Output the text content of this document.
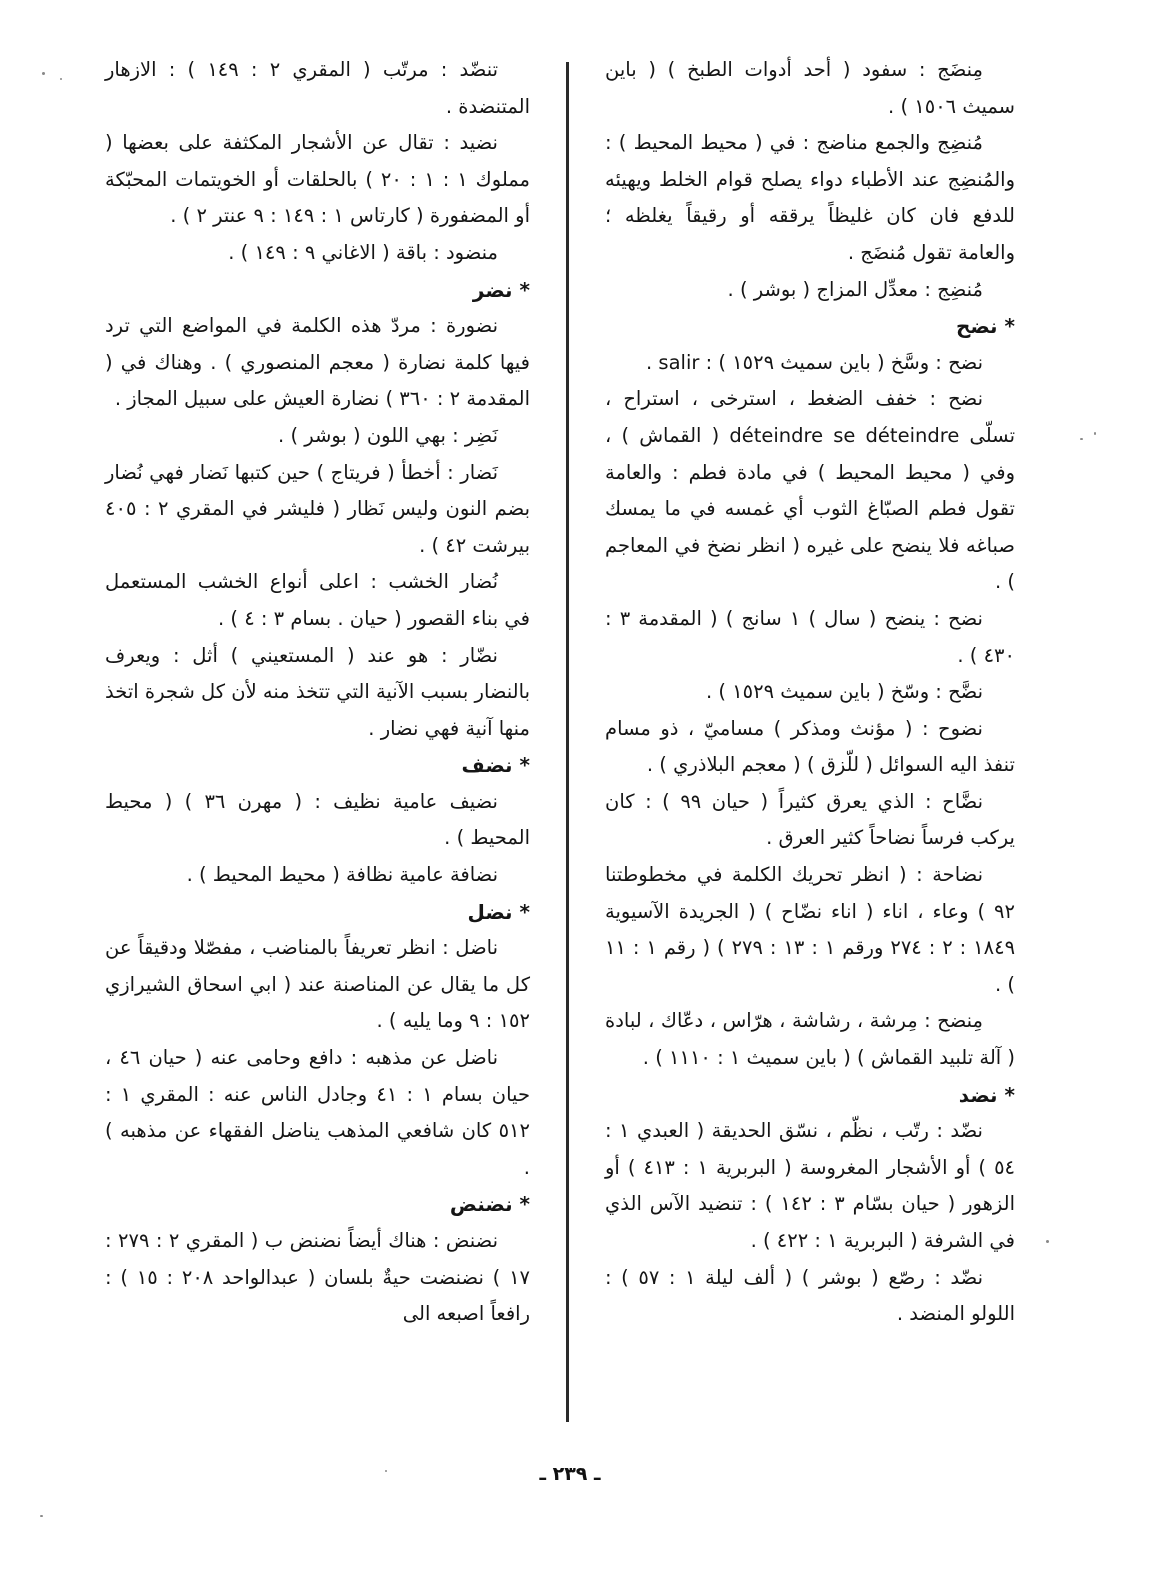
مِنضَج : سفود ( أحد أدوات الطبخ ) ( باين سميث ١٥٠٦ ) .

مُنضِج والجمع مناضج : في ( محيط المحيط ) : والمُنضِج عند الأطباء دواء يصلح قوام الخلط ويهيئه للدفع فان كان غليظاً يرققه أو رقيقاً يغلظه ؛ والعامة تقول مُنضَج .

مُنضِج : معدِّل المزاج ( بوشر ) .

* نضح

نضح : وسَّخ ( باين سميث ١٥٢٩ ) : salir .

نضح : خفف الضغط ، استرخى ، استراح ، تسلّى déteindre se déteindre ( القماش ) ، وفي ( محيط المحيط ) في مادة فطم : والعامة تقول فطم الصبّاغ الثوب أي غمسه في ما يمسك صباغه فلا ينضح على غيره ( انظر نضخ في المعاجم ) .

نضح : ينضح ( سال ) ١ سانج ) ( المقدمة ٣ : ٤٣٠ ) .

نضَّح : وسّخ ( باين سميث ١٥٢٩ ) .

نضوح : ( مؤنث ومذكر ) مساميّ ، ذو مسام تنفذ اليه السوائل ( للّزق ) ( معجم البلاذري ) .

نضَّاح : الذي يعرق كثيراً ( حيان ٩٩ ) : كان يركب فرساً نضاحاً كثير العرق .

نضاحة : ( انظر تحريك الكلمة في مخطوطتنا ٩٢ ) وعاء ، اناء ( اناء نضّاح ) ( الجريدة الآسيوية ١٨٤٩ : ٢ : ٢٧٤ ورقم ١ : ١٣ : ٢٧٩ ) ( رقم ١ : ١١ ) .

مِنضح : مِرشة ، رشاشة ، هرّاس ، دعّاك ، لبادة ( آلة تلبيد القماش ) ( باين سميث ١ : ١١١٠ ) .

* نضد

نضّد : رتّب ، نظّم ، نسّق الحديقة ( العبدي ١ : ٥٤ ) أو الأشجار المغروسة ( البربرية ١ : ٤١٣ ) أو الزهور ( حيان بسّام ٣ : ١٤٢ ) : تنضيد الآس الذي في الشرفة ( البربرية ١ : ٤٢٢ ) .

نضّد : رصّع ( بوشر ) ( ألف ليلة ١ : ٥٧ ) : اللولو المنضد .

تنضّد : مرتّب ( المقري ٢ : ١٤٩ ) : الازهار المتنضدة .

نضيد : تقال عن الأشجار المكثفة على بعضها ( مملوك ١ : ١ : ٢٠ ) بالحلقات أو الخويتمات المحبّكة أو المضفورة ( كارتاس ١ : ١٤٩ : ٩ عنتر ٢ ) .

منضود : باقة ( الاغاني ٩ : ١٤٩ ) .

* نضر

نضورة : مردّ هذه الكلمة في المواضع التي ترد فيها كلمة نضارة ( معجم المنصوري ) . وهناك في ( المقدمة ٢ : ٣٦٠ ) نضارة العيش على سبيل المجاز .

نَضِر : بهي اللون ( بوشر ) .

نَضار : أخطأ ( فريتاج ) حين كتبها نَضار فهي نُضار بضم النون وليس نَظار ( فليشر في المقري ٢ : ٤٠٥ بيرشت ٤٢ ) .

نُضار الخشب : اعلى أنواع الخشب المستعمل في بناء القصور ( حيان . بسام ٣ : ٤ ) .

نضّار : هو عند ( المستعيني ) أثل : ويعرف بالنضار بسبب الآنية التي تتخذ منه لأن كل شجرة اتخذ منها آنية فهي نضار .

* نضف

نضيف عامية نظيف : ( مهرن ٣٦ ) ( محيط المحيط ) .

نضافة عامية نظافة ( محيط المحيط ) .

* نضل

ناضل : انظر تعريفاً بالمناضب ، مفصّلا ودقيقاً عن كل ما يقال عن المناصنة عند ( ابي اسحاق الشيرازي ١٥٢ : ٩ وما يليه ) .

ناضل عن مذهبه : دافع وحامى عنه ( حيان ٤٦ ، حيان بسام ١ : ٤١ وجادل الناس عنه : المقري ١ : ٥١٢ كان شافعي المذهب يناضل الفقهاء عن مذهبه ) .

* نضنض

نضنض : هناك أيضاً نضنض ب ( المقري ٢ : ٢٧٩ : ١٧ ) نضنضت حيةٌ بلسان ( عبدالواحد ٢٠٨ : ١٥ ) : رافعاً اصبعه الى

ـ ٢٣٩ ـ
